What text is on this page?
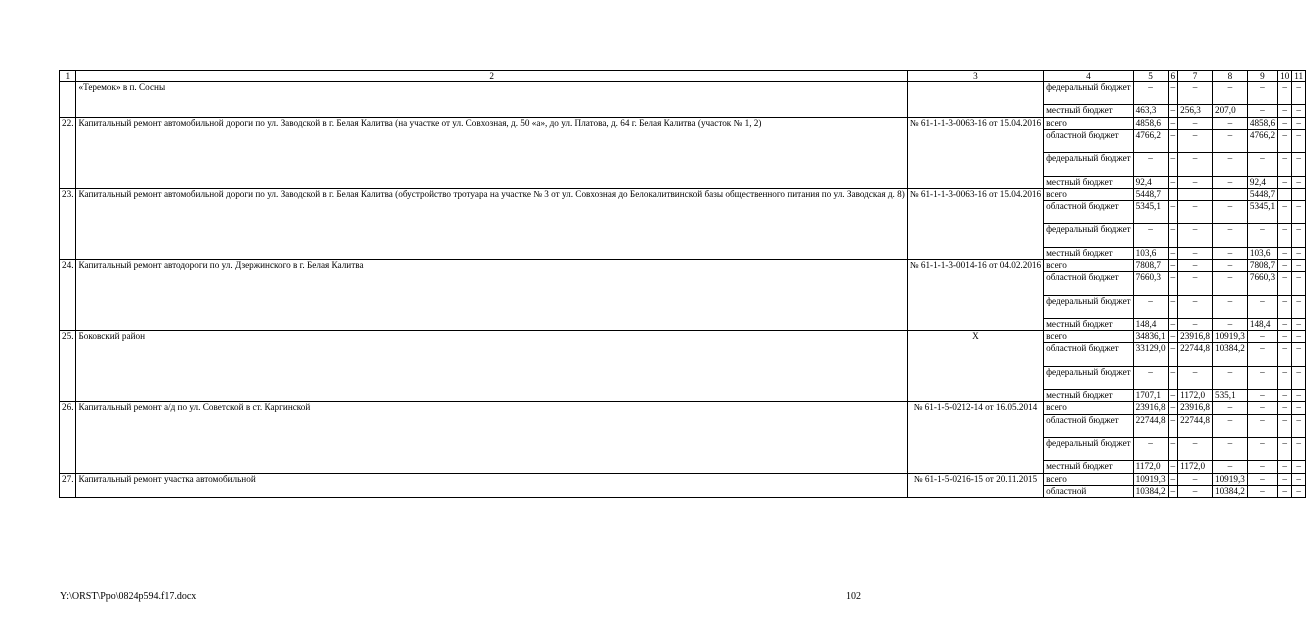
1	2	3	4	5	6	7	8	9	10	11
	«Теремок» в п. Сосны		федеральный бюджет	–	–	–	–	–	–	–
			местный бюджет	463,3	–	256,3	207,0	–	–	–
22.	Капитальный ремонт автомобильной дороги по ул. Заводской в г. Белая Калитва (на участке от ул. Совхозная, д. 50 «а», до ул. Платова, д. 64 г. Белая Калитва (участок № 1, 2)	№ 61-1-1-3-0063-16 от 15.04.2016	всего	4858,6	–	–	–	4858,6	–	–
			областной бюджет	4766,2	–	–	–	4766,2	–	–
			федеральный бюджет	–	–	–	–	–	–	–
			местный бюджет	92,4	–	–	–	92,4	–	–
23.	Капитальный ремонт автомобильной дороги по ул. Заводской в г. Белая Калитва (обустройство тротуара на участке № 3 от ул. Совхозная до Белокалитвинской базы общественного питания по ул. Заводская д. 8)	№ 61-1-1-3-0063-16 от 15.04.2016	всего	5448,7				5448,7		
			областной бюджет	5345,1	–	–	–	5345,1	–	–
			федеральный бюджет	–	–	–	–	–	–	–
			местный бюджет	103,6	–	–	–	103,6	–	–
24.	Капитальный ремонт автодороги по ул. Дзержинского в г. Белая Калитва	№ 61-1-1-3-0014-16 от 04.02.2016	всего	7808,7	–	–	–	7808,7	–	–
			областной бюджет	7660,3	–	–	–	7660,3	–	–
			федеральный бюджет	–	–	–	–	–	–	–
			местный бюджет	148,4	–	–	–	148,4	–	–
25.	Боковский район	X	всего	34836,1	–	23916,8	10919,3	–	–	–
			областной бюджет	33129,0	–	22744,8	10384,2	–	–	–
			федеральный бюджет	–	–	–	–	–	–	–
			местный бюджет	1707,1	–	1172,0	535,1	–	–	–
26.	Капитальный ремонт а/д по ул. Советской в ст. Каргинской	№ 61-1-5-0212-14 от 16.05.2014	всего	23916,8	–	23916,8	–	–	–	–
			областной бюджет	22744,8	–	22744,8	–	–	–	–
			федеральный бюджет	–	–	–	–	–	–	–
			местный бюджет	1172,0	–	1172,0	–	–	–	–
27.	Капитальный ремонт участка автомобильной	№ 61-1-5-0216-15 от 20.11.2015	всего	10919,3	–	–	10919,3	–	–	–
			областной	10384,2	–	–	10384,2	–	–	–
Y:\ORST\Ppo\0824p594.f17.docx	102
